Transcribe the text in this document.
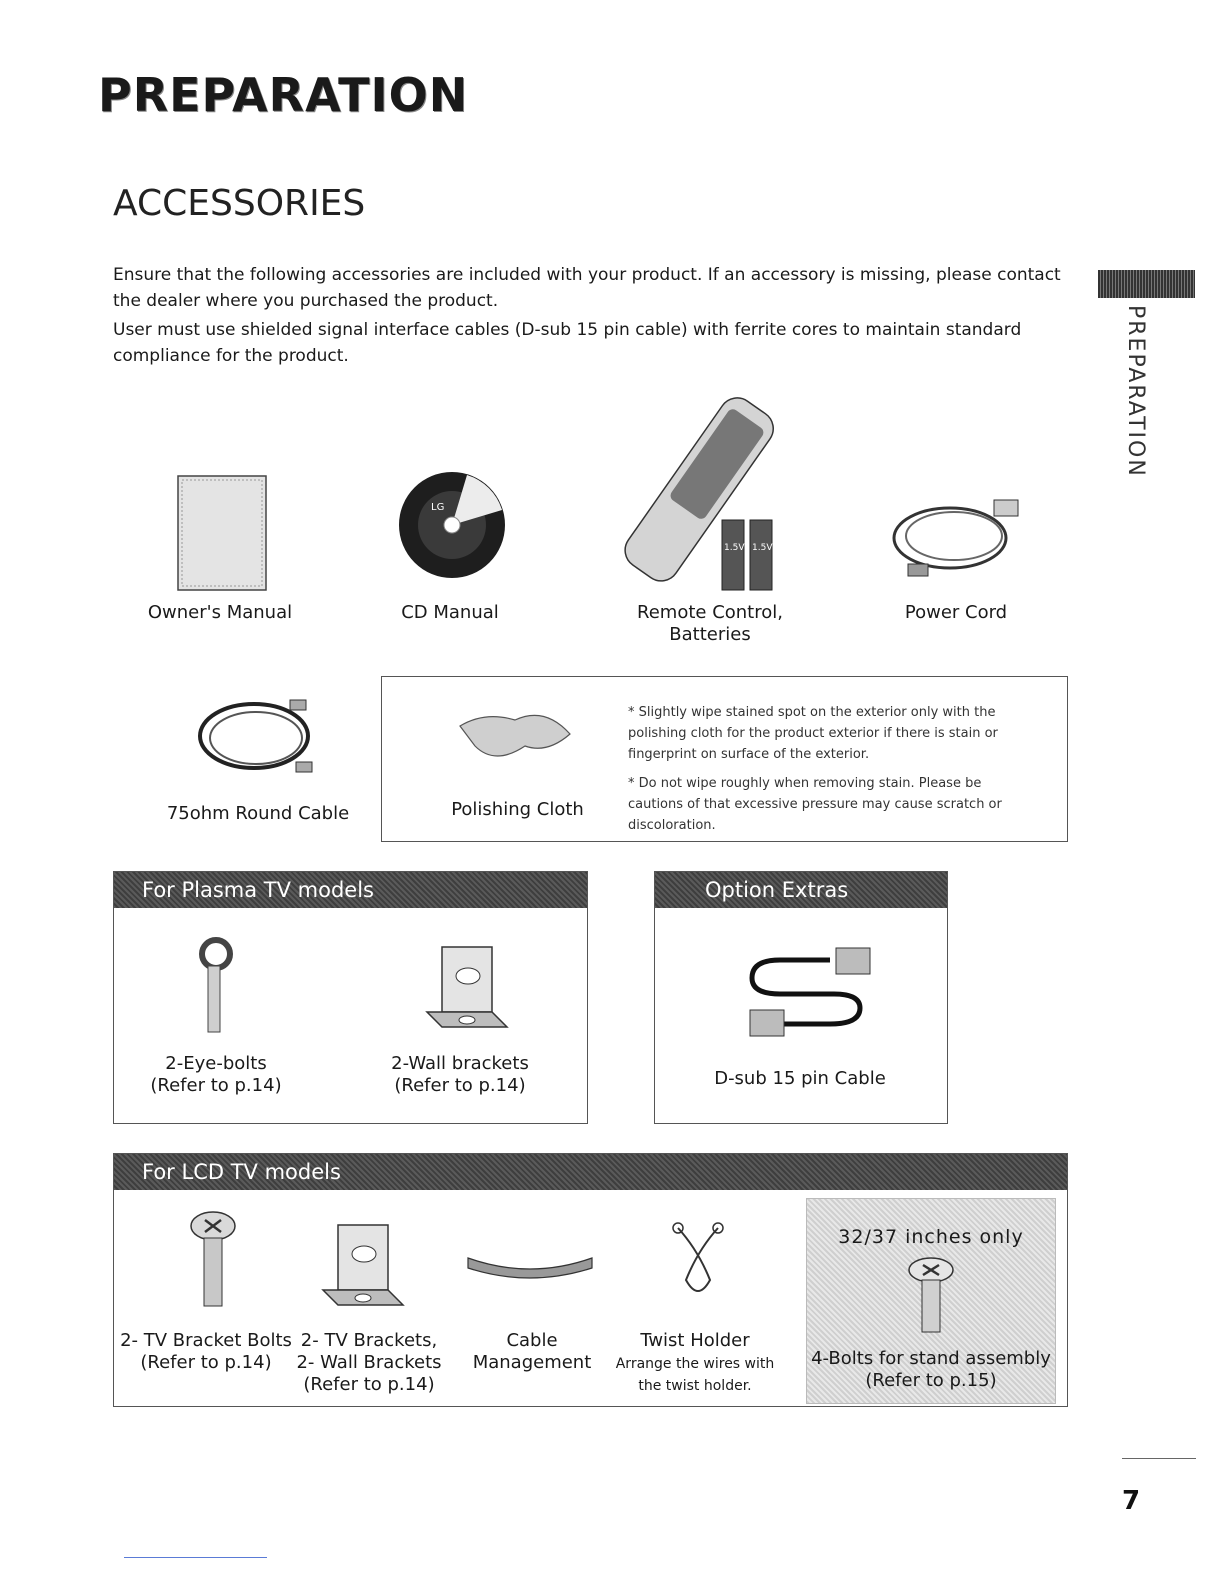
PREPARATION
ACCESSORIES
Ensure that the following accessories are included with your product. If an accessory is missing, please contact the dealer where you purchased the product.
User must use shielded signal interface cables (D-sub 15 pin cable) with ferrite cores to maintain standard compliance for the product.	PREPARATION
Owner's Manual
LG
CD Manual
1.5V 1.5V
Remote Control,
Batteries
Power Cord
75ohm Round Cable	Polishing Cloth
* Slightly wipe stained spot on the exterior only with the polishing cloth for the product exterior if there is stain or fingerprint on surface of the exterior.
* Do not wipe roughly when removing stain. Please be cautions of that excessive pressure may cause scratch or discoloration.
For Plasma TV models
2-Eye-bolts
(Refer to p.14)
2-Wall brackets
(Refer to p.14)
Option Extras
D-sub 15 pin Cable
For LCD TV models
2- TV Bracket Bolts
(Refer to p.14)
2- TV Brackets,
2- Wall Brackets
(Refer to p.14)
Cable
Management
Twist Holder
Arrange the wires with
the twist holder.
32/37 inches only
4-Bolts for stand assembly
(Refer to p.15)
7
